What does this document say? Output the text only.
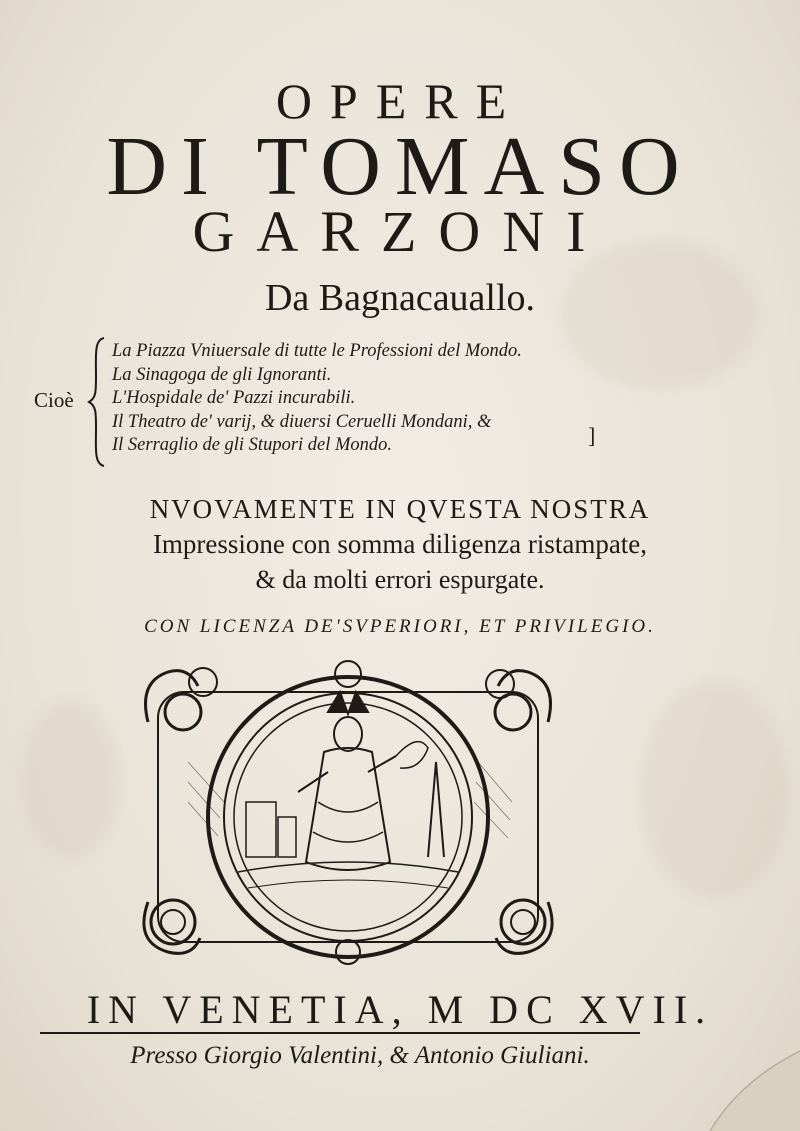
OPERE
DI TOMASO
GARZONI
Da Bagnacauallo.
Cioè
La Piazza Vniuersale di tutte le Professioni del Mondo.
La Sinagoga de gli Ignoranti.
L'Hospidale de' Pazzi incurabili.
Il Theatro de' varij, & diuersi Ceruelli Mondani, &
Il Serraglio de gli Stupori del Mondo.	]
NVOVAMENTE IN QVESTA NOSTRA
Impressione con somma diligenza ristampate,
& da molti errori espurgate.
CON LICENZA DE'SVPERIORI, ET PRIVILEGIO.
IN VENETIA, M DC XVII.
Presso Giorgio Valentini, & Antonio Giuliani.
